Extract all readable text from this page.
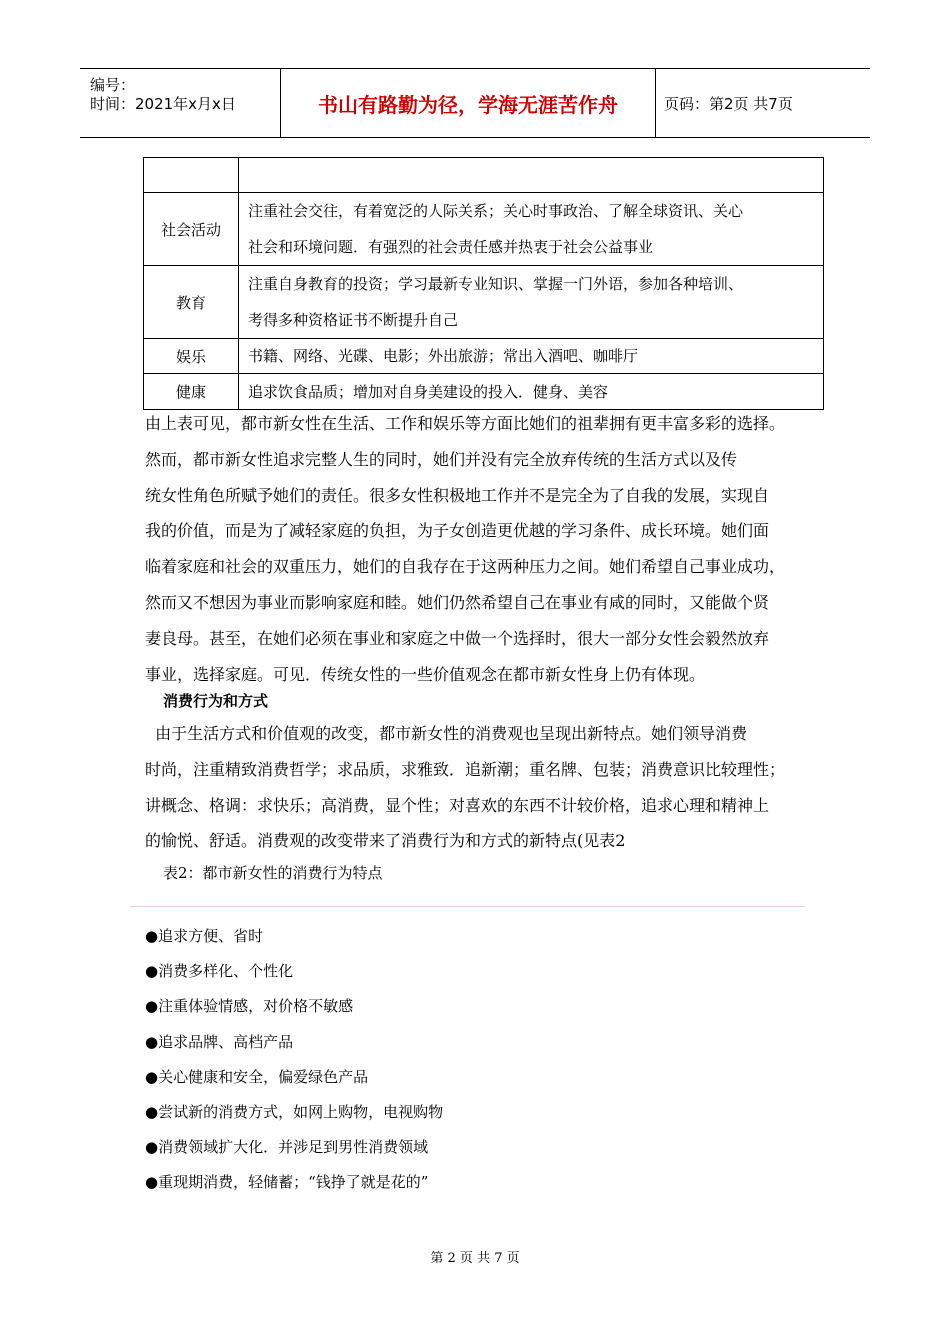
编号：
时间：2021年x月x日	书山有路勤为径，学海无涯苦作舟	页码：第2页 共7页

社会活动	注重社会交往，有着宽泛的人际关系；关心时事政治、了解全球资讯、关心
社会和环境问题．有强烈的社会责任感并热衷于社会公益事业

教育	注重自身教育的投资；学习最新专业知识、掌握一门外语，参加各种培训、
考得多种资格证书不断提升自己

娱乐	书籍、网络、光碟、电影；外出旅游；常出入酒吧、咖啡厅

健康	追求饮食品质；增加对自身美建设的投入．健身、美容
由上表可见，都市新女性在生活、工作和娱乐等方面比她们的祖辈拥有更丰富多彩的选择。
然而，都市新女性追求完整人生的同时，她们并没有完全放弃传统的生活方式以及传
统女性角色所赋予她们的责任。很多女性积极地工作并不是完全为了自我的发展，实现自
我的价值，而是为了减轻家庭的负担，为子女创造更优越的学习条件、成长环境。她们面
临着家庭和社会的双重压力，她们的自我存在于这两种压力之间。她们希望自己事业成功，
然而又不想因为事业而影响家庭和睦。她们仍然希望自己在事业有咸的同时，又能做个贤
妻良母。甚至，在她们必须在事业和家庭之中做一个选择时，很大一部分女性会毅然放弃
事业，选择家庭。可见．传统女性的一些价值观念在都市新女性身上仍有体现。
消费行为和方式
由于生活方式和价值观的改变，都市新女性的消费观也呈现出新特点。她们领导消费
时尚，注重精致消费哲学；求品质，求雅致．追新潮；重名牌、包装；消费意识比较理性；
讲概念、格调：求快乐；高消费，显个性；对喜欢的东西不计较价格，追求心理和精神上
的愉悦、舒适。消费观的改变带来了消费行为和方式的新特点(见表2
表2：都市新女性的消费行为特点
●追求方便、省时
●消费多样化、个性化
●注重体验情感，对价格不敏感
●追求品牌、高档产品
●关心健康和安全，偏爱绿色产品
●尝试新的消费方式，如网上购物，电视购物
●消费领域扩大化．并涉足到男性消费领域
●重现期消费，轻储蓄；“钱挣了就是花的”
第 2 页 共 7 页
